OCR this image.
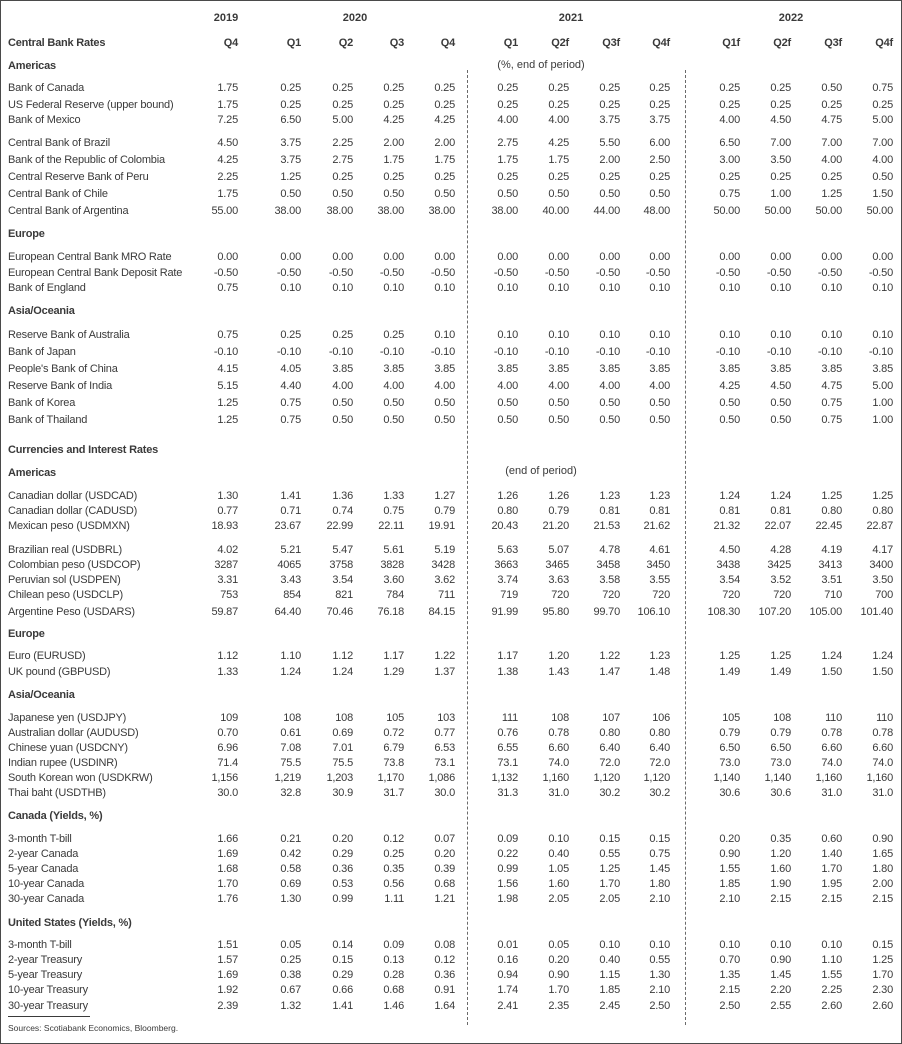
2019	2020	2021	2022
Central Bank Rates	Q4	Q1	Q2	Q3	Q4	Q1	Q2f	Q3f	Q4f	Q1f	Q2f	Q3f	Q4f
Americas
Bank of Canada	1.75	0.25	0.25	0.25	0.25	0.25	0.25	0.25	0.25	0.25	0.25	0.50	0.75
US Federal Reserve (upper bound)	1.75	0.25	0.25	0.25	0.25	0.25	0.25	0.25	0.25	0.25	0.25	0.25	0.25
Bank of Mexico	7.25	6.50	5.00	4.25	4.25	4.00	4.00	3.75	3.75	4.00	4.50	4.75	5.00
Central Bank of Brazil	4.50	3.75	2.25	2.00	2.00	2.75	4.25	5.50	6.00	6.50	7.00	7.00	7.00
Bank of the Republic of Colombia	4.25	3.75	2.75	1.75	1.75	1.75	1.75	2.00	2.50	3.00	3.50	4.00	4.00
Central Reserve Bank of Peru	2.25	1.25	0.25	0.25	0.25	0.25	0.25	0.25	0.25	0.25	0.25	0.25	0.50
Central Bank of Chile	1.75	0.50	0.50	0.50	0.50	0.50	0.50	0.50	0.50	0.75	1.00	1.25	1.50
Central Bank of Argentina	55.00	38.00	38.00	38.00	38.00	38.00	40.00	44.00	48.00	50.00	50.00	50.00	50.00
Europe
European Central Bank MRO Rate	0.00	0.00	0.00	0.00	0.00	0.00	0.00	0.00	0.00	0.00	0.00	0.00	0.00
European Central Bank Deposit Rate	-0.50	-0.50	-0.50	-0.50	-0.50	-0.50	-0.50	-0.50	-0.50	-0.50	-0.50	-0.50	-0.50
Bank of England	0.75	0.10	0.10	0.10	0.10	0.10	0.10	0.10	0.10	0.10	0.10	0.10	0.10
Asia/Oceania
Reserve Bank of Australia	0.75	0.25	0.25	0.25	0.10	0.10	0.10	0.10	0.10	0.10	0.10	0.10	0.10
Bank of Japan	-0.10	-0.10	-0.10	-0.10	-0.10	-0.10	-0.10	-0.10	-0.10	-0.10	-0.10	-0.10	-0.10
People's Bank of China	4.15	4.05	3.85	3.85	3.85	3.85	3.85	3.85	3.85	3.85	3.85	3.85	3.85
Reserve Bank of India	5.15	4.40	4.00	4.00	4.00	4.00	4.00	4.00	4.00	4.25	4.50	4.75	5.00
Bank of Korea	1.25	0.75	0.50	0.50	0.50	0.50	0.50	0.50	0.50	0.50	0.50	0.75	1.00
Bank of Thailand	1.25	0.75	0.50	0.50	0.50	0.50	0.50	0.50	0.50	0.50	0.50	0.75	1.00
Currencies and Interest Rates
Americas
Canadian dollar (USDCAD)	1.30	1.41	1.36	1.33	1.27	1.26	1.26	1.23	1.23	1.24	1.24	1.25	1.25
Canadian dollar (CADUSD)	0.77	0.71	0.74	0.75	0.79	0.80	0.79	0.81	0.81	0.81	0.81	0.80	0.80
Mexican peso (USDMXN)	18.93	23.67	22.99	22.11	19.91	20.43	21.20	21.53	21.62	21.32	22.07	22.45	22.87
Brazilian real (USDBRL)	4.02	5.21	5.47	5.61	5.19	5.63	5.07	4.78	4.61	4.50	4.28	4.19	4.17
Colombian peso (USDCOP)	3287	4065	3758	3828	3428	3663	3465	3458	3450	3438	3425	3413	3400
Peruvian sol (USDPEN)	3.31	3.43	3.54	3.60	3.62	3.74	3.63	3.58	3.55	3.54	3.52	3.51	3.50
Chilean peso (USDCLP)	753	854	821	784	711	719	720	720	720	720	720	710	700
Argentine Peso (USDARS)	59.87	64.40	70.46	76.18	84.15	91.99	95.80	99.70	106.10	108.30	107.20	105.00	101.40
Europe
Euro (EURUSD)	1.12	1.10	1.12	1.17	1.22	1.17	1.20	1.22	1.23	1.25	1.25	1.24	1.24
UK pound (GBPUSD)	1.33	1.24	1.24	1.29	1.37	1.38	1.43	1.47	1.48	1.49	1.49	1.50	1.50
Asia/Oceania
Japanese yen (USDJPY)	109	108	108	105	103	111	108	107	106	105	108	110	110
Australian dollar (AUDUSD)	0.70	0.61	0.69	0.72	0.77	0.76	0.78	0.80	0.80	0.79	0.79	0.78	0.78
Chinese yuan (USDCNY)	6.96	7.08	7.01	6.79	6.53	6.55	6.60	6.40	6.40	6.50	6.50	6.60	6.60
Indian rupee (USDINR)	71.4	75.5	75.5	73.8	73.1	73.1	74.0	72.0	72.0	73.0	73.0	74.0	74.0
South Korean won (USDKRW)	1,156	1,219	1,203	1,170	1,086	1,132	1,160	1,120	1,120	1,140	1,140	1,160	1,160
Thai baht (USDTHB)	30.0	32.8	30.9	31.7	30.0	31.3	31.0	30.2	30.2	30.6	30.6	31.0	31.0
Canada (Yields, %)
3-month T-bill	1.66	0.21	0.20	0.12	0.07	0.09	0.10	0.15	0.15	0.20	0.35	0.60	0.90
2-year Canada	1.69	0.42	0.29	0.25	0.20	0.22	0.40	0.55	0.75	0.90	1.20	1.40	1.65
5-year Canada	1.68	0.58	0.36	0.35	0.39	0.99	1.05	1.25	1.45	1.55	1.60	1.70	1.80
10-year Canada	1.70	0.69	0.53	0.56	0.68	1.56	1.60	1.70	1.80	1.85	1.90	1.95	2.00
30-year Canada	1.76	1.30	0.99	1.11	1.21	1.98	2.05	2.05	2.10	2.10	2.15	2.15	2.15
United States (Yields, %)
3-month T-bill	1.51	0.05	0.14	0.09	0.08	0.01	0.05	0.10	0.10	0.10	0.10	0.10	0.15
2-year Treasury	1.57	0.25	0.15	0.13	0.12	0.16	0.20	0.40	0.55	0.70	0.90	1.10	1.25
5-year Treasury	1.69	0.38	0.29	0.28	0.36	0.94	0.90	1.15	1.30	1.35	1.45	1.55	1.70
10-year Treasury	1.92	0.67	0.66	0.68	0.91	1.74	1.70	1.85	2.10	2.15	2.20	2.25	2.30
30-year Treasury	2.39	1.32	1.41	1.46	1.64	2.41	2.35	2.45	2.50	2.50	2.55	2.60	2.60
(%, end of period)
(end of period)
Sources: Scotiabank Economics, Bloomberg.
